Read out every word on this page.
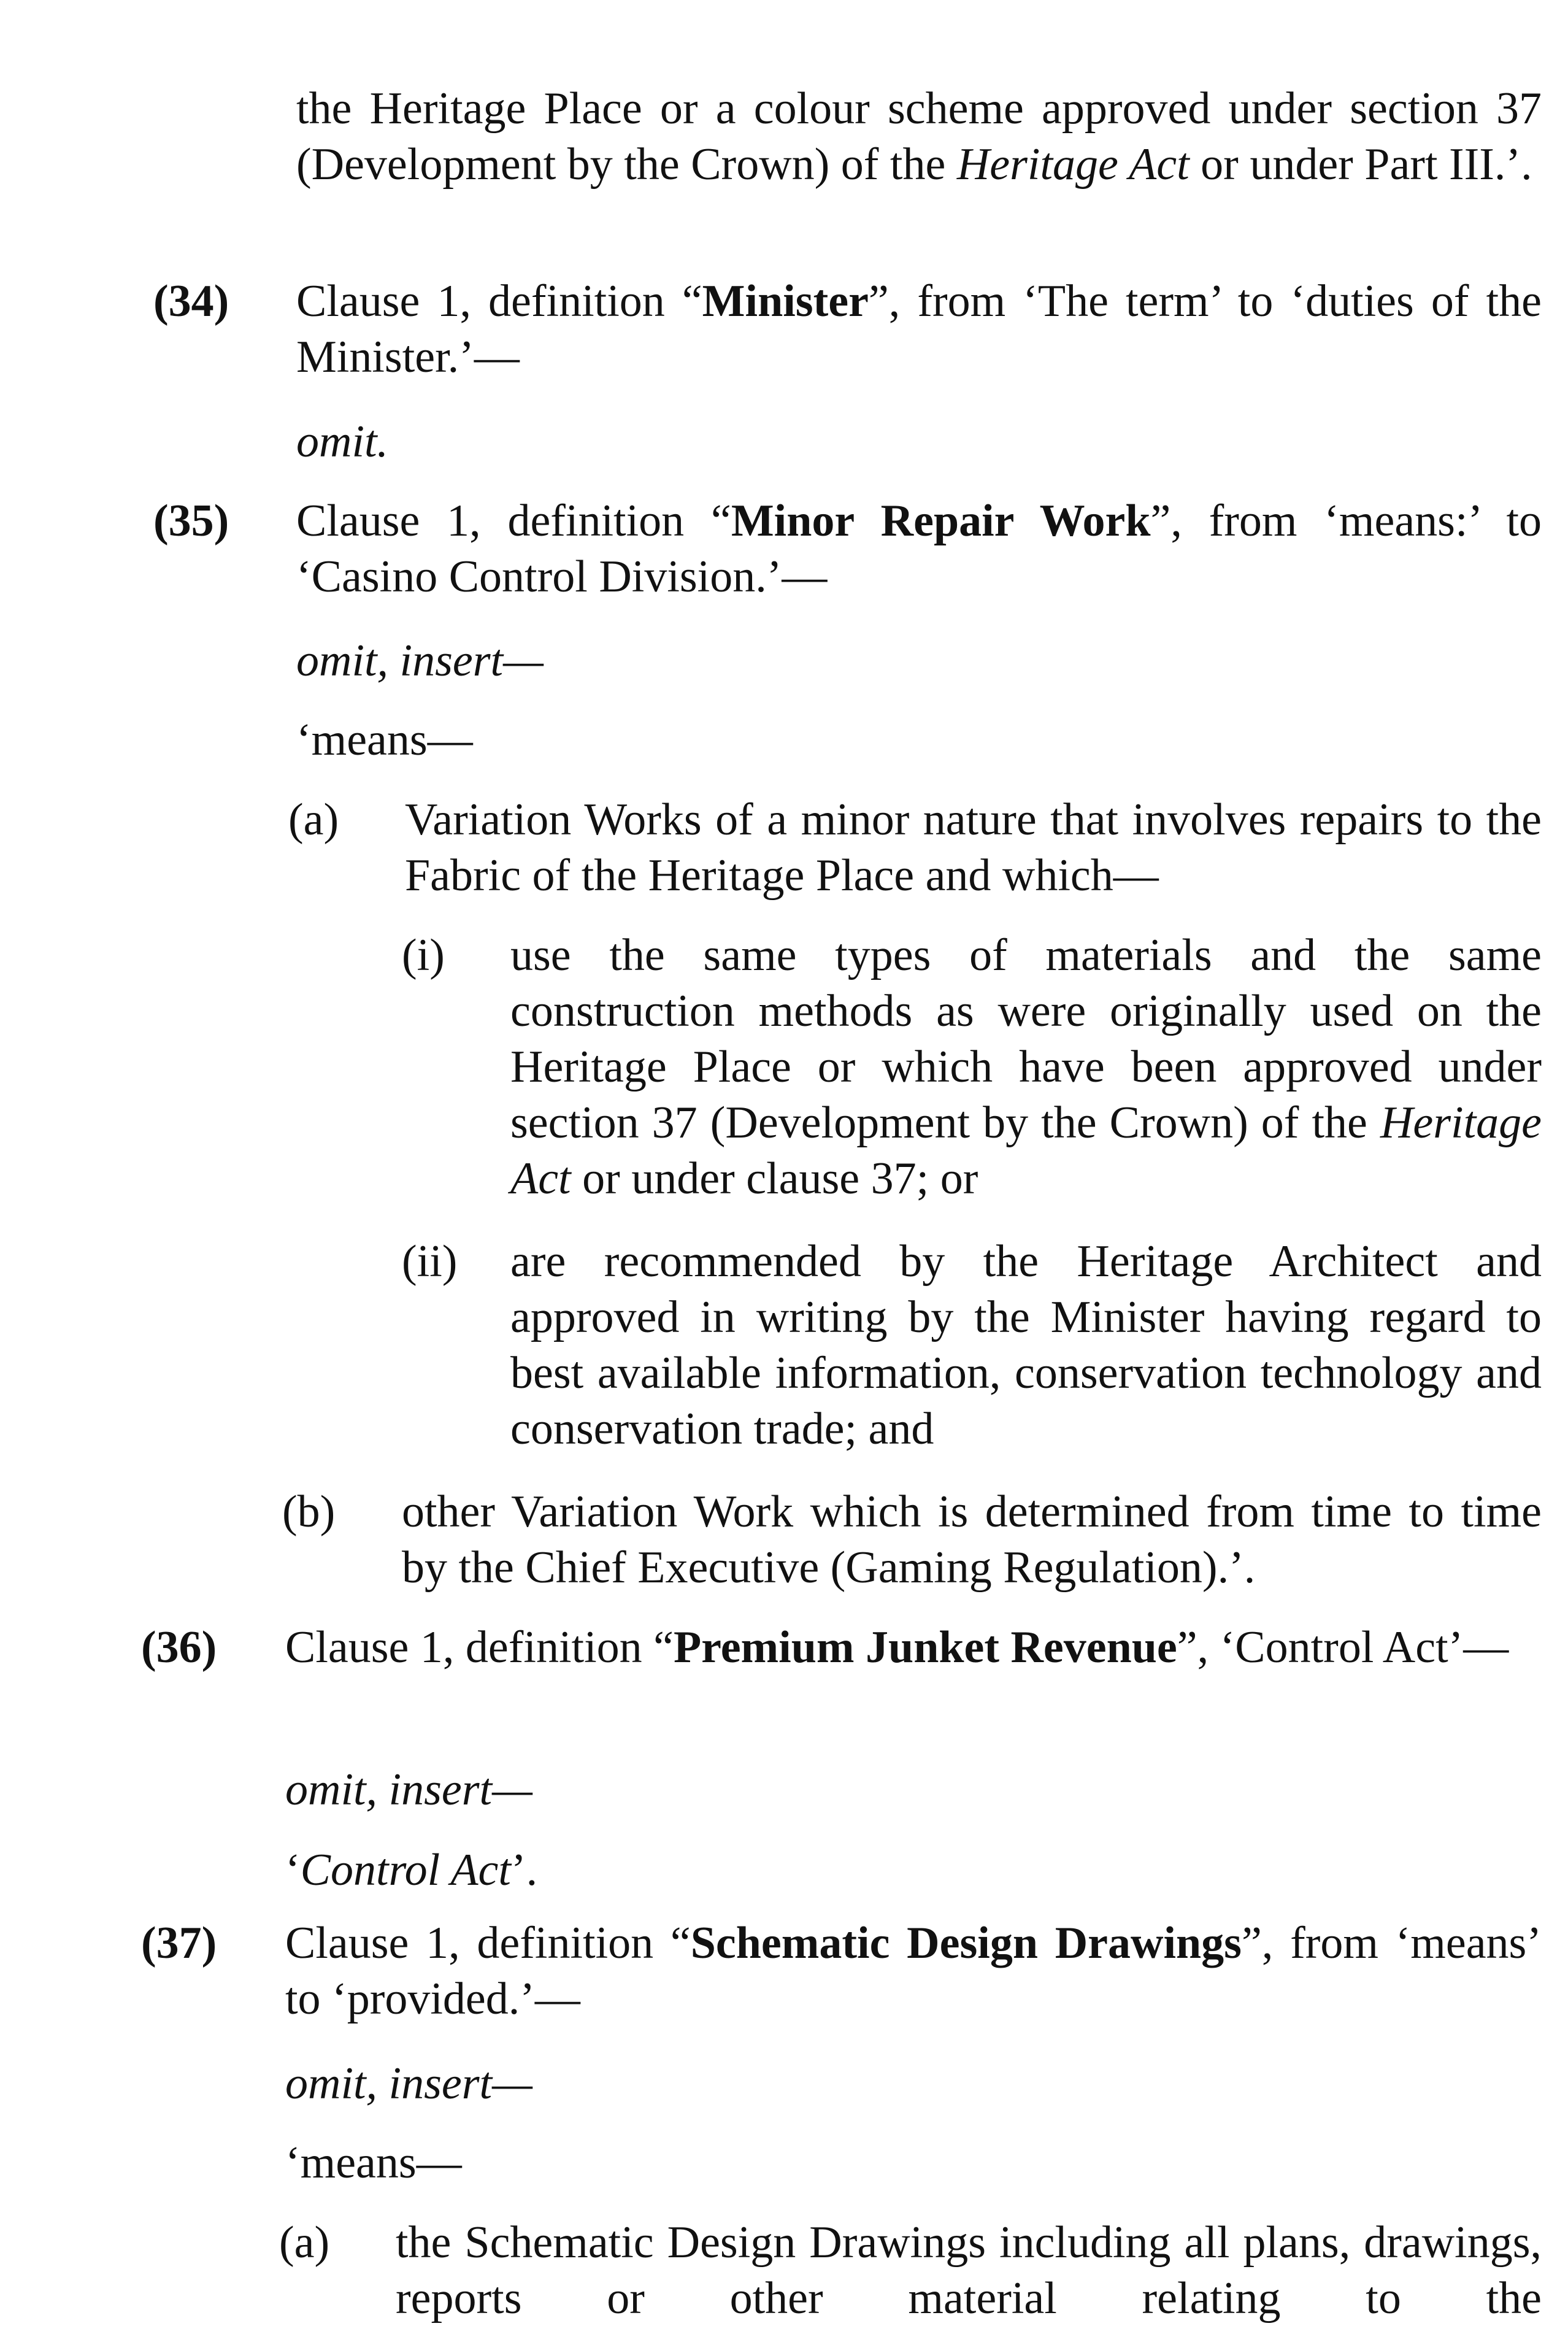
the Heritage Place or a colour scheme approved under section 37 (Development by the Crown) of the Heritage Act or under Part III.’.

(34) Clause 1, definition “Minister”, from ‘The term’ to ‘duties of the Minister.’—

omit.

(35) Clause 1, definition “Minor Repair Work”, from ‘means:’ to ‘Casino Control Division.’—

omit, insert—

‘means—

(a) Variation Works of a minor nature that involves repairs to the Fabric of the Heritage Place and which—

(i) use the same types of materials and the same construction methods as were originally used on the Heritage Place or which have been approved under section 37 (Development by the Crown) of the Heritage Act or under clause 37; or

(ii) are recommended by the Heritage Architect and approved in writing by the Minister having regard to best available information, conservation technology and conservation trade; and

(b) other Variation Work which is determined from time to time by the Chief Executive (Gaming Regulation).’.

(36) Clause 1, definition “Premium Junket Revenue”, ‘Control Act’—

omit, insert—

‘Control Act’.

(37) Clause 1, definition “Schematic Design Drawings”, from ‘means’ to ‘provided.’—

omit, insert—

‘means—

(a) the Schematic Design Drawings including all plans, drawings, reports or other material relating to the
